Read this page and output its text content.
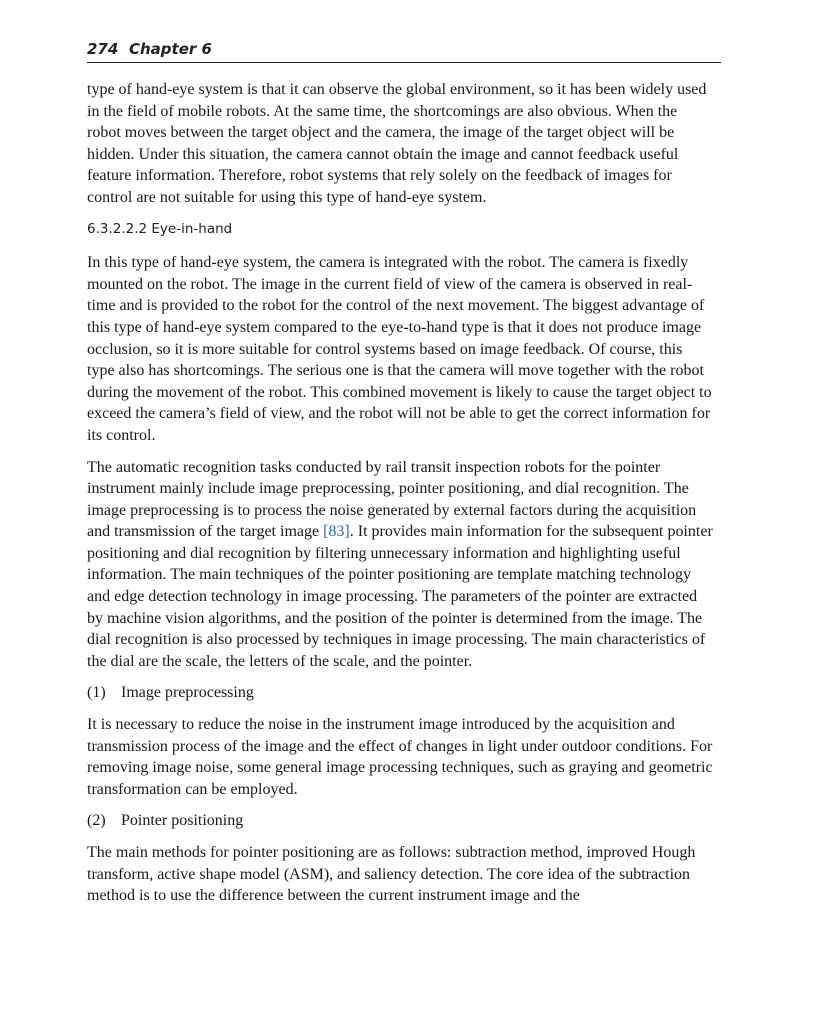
274 Chapter 6

type of hand-eye system is that it can observe the global environment, so it has been widely used in the field of mobile robots. At the same time, the shortcomings are also obvious. When the robot moves between the target object and the camera, the image of the target object will be hidden. Under this situation, the camera cannot obtain the image and cannot feedback useful feature information. Therefore, robot systems that rely solely on the feedback of images for control are not suitable for using this type of hand-eye system.

6.3.2.2.2 Eye-in-hand

In this type of hand-eye system, the camera is integrated with the robot. The camera is fixedly mounted on the robot. The image in the current field of view of the camera is observed in real-time and is provided to the robot for the control of the next movement. The biggest advantage of this type of hand-eye system compared to the eye-to-hand type is that it does not produce image occlusion, so it is more suitable for control systems based on image feedback. Of course, this type also has shortcomings. The serious one is that the camera will move together with the robot during the movement of the robot. This combined movement is likely to cause the target object to exceed the camera’s field of view, and the robot will not be able to get the correct information for its control.

The automatic recognition tasks conducted by rail transit inspection robots for the pointer instrument mainly include image preprocessing, pointer positioning, and dial recognition. The image preprocessing is to process the noise generated by external factors during the acquisition and transmission of the target image [83]. It provides main information for the subsequent pointer positioning and dial recognition by filtering unnecessary information and highlighting useful information. The main techniques of the pointer positioning are template matching technology and edge detection technology in image processing. The parameters of the pointer are extracted by machine vision algorithms, and the position of the pointer is determined from the image. The dial recognition is also processed by techniques in image processing. The main characteristics of the dial are the scale, the letters of the scale, and the pointer.

(1) Image preprocessing

It is necessary to reduce the noise in the instrument image introduced by the acquisition and transmission process of the image and the effect of changes in light under outdoor conditions. For removing image noise, some general image processing techniques, such as graying and geometric transformation can be employed.

(2) Pointer positioning

The main methods for pointer positioning are as follows: subtraction method, improved Hough transform, active shape model (ASM), and saliency detection. The core idea of the subtraction method is to use the difference between the current instrument image and the
